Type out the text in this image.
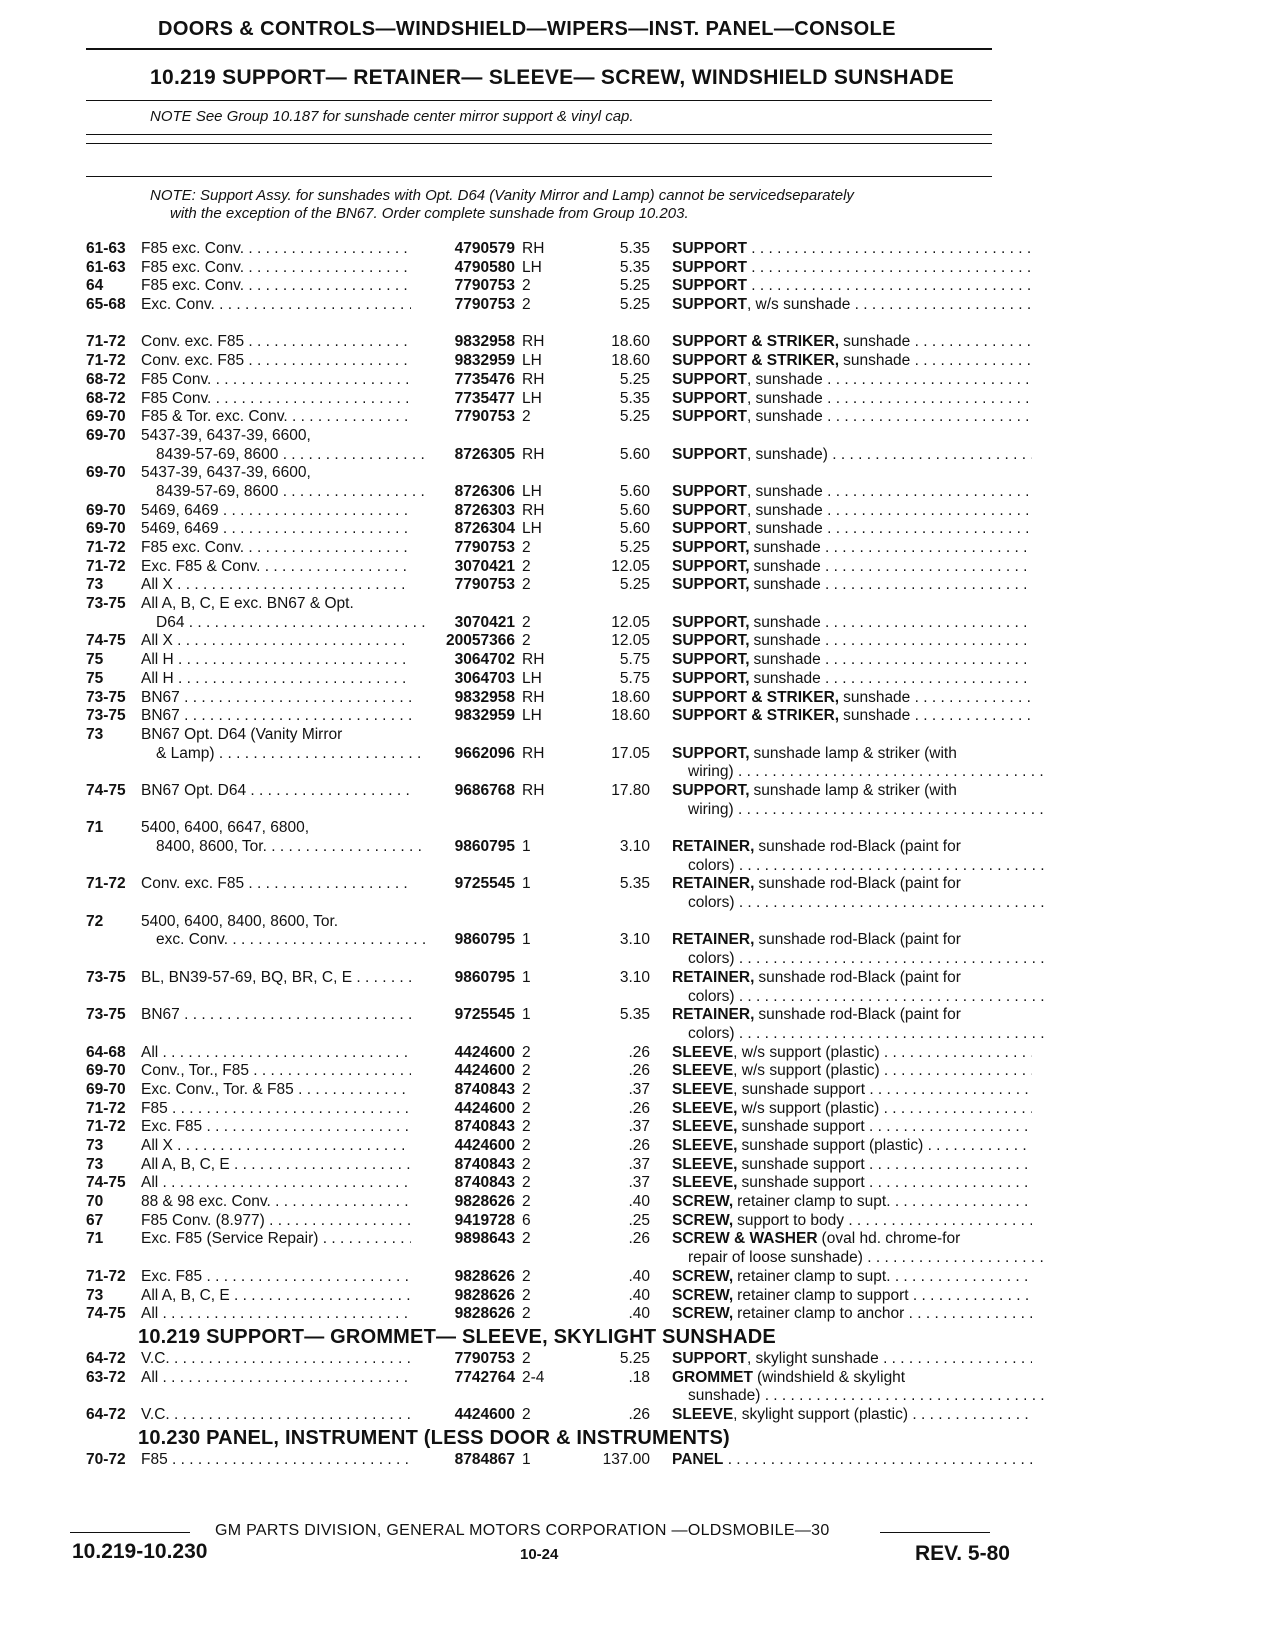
DOORS & CONTROLS—WINDSHIELD—WIPERS—INST. PANEL—CONSOLE
10.219 SUPPORT— RETAINER— SLEEVE— SCREW, WINDSHIELD SUNSHADE
NOTE See Group 10.187 for sunshade center mirror support & vinyl cap.
NOTE: Support Assy. for sunshades with Opt. D64 (Vanity Mirror and Lamp) cannot be servicedseparately
with the exception of the BN67. Order complete sunshade from Group 10.203.
61-63 F85 exc. Conv. . . .	4790579 RH	5.35 SUPPORT . . .
61-63 F85 exc. Conv. . . .	4790580 LH	5.35 SUPPORT . . .
64 F85 exc. Conv. . . .	7790753 2	5.25 SUPPORT . . .
65-68 Exc. Conv. . . .	7790753 2	5.25 SUPPORT, w/s sunshade . . .
71-72 Conv. exc. F85 . . .	9832958 RH	18.60 SUPPORT & STRIKER, sunshade . . .
71-72 Conv. exc. F85 . . .	9832959 LH	18.60 SUPPORT & STRIKER, sunshade . . .
68-72 F85 Conv. . . .	7735476 RH	5.25 SUPPORT, sunshade . . .
68-72 F85 Conv. . . .	7735477 LH	5.35 SUPPORT, sunshade . . .
69-70 F85 & Tor. exc. Conv. . . .	7790753 2	5.25 SUPPORT, sunshade . . .
69-70 5437-39, 6437-39, 6600,
8439-57-69, 8600 . . .	8726305 RH	5.60 SUPPORT, sunshade) . . .
69-70 5437-39, 6437-39, 6600,
8439-57-69, 8600 . . .	8726306 LH	5.60 SUPPORT, sunshade . . .
69-70 5469, 6469 . . .	8726303 RH	5.60 SUPPORT, sunshade . . .
69-70 5469, 6469 . . .	8726304 LH	5.60 SUPPORT, sunshade . . .
71-72 F85 exc. Conv. . . .	7790753 2	5.25 SUPPORT, sunshade . . .
71-72 Exc. F85 & Conv. . . .	3070421 2	12.05 SUPPORT, sunshade . . .
73 All X . . .	7790753 2	5.25 SUPPORT, sunshade . . .
73-75 All A, B, C, E exc. BN67 & Opt.
D64 . . .	3070421 2	12.05 SUPPORT, sunshade . . .
74-75 All X . . .	20057366 2	12.05 SUPPORT, sunshade . . .
75 All H . . .	3064702 RH	5.75 SUPPORT, sunshade . . .
75 All H . . .	3064703 LH	5.75 SUPPORT, sunshade . . .
73-75 BN67 . . .	9832958 RH	18.60 SUPPORT & STRIKER, sunshade . . .
73-75 BN67 . . .	9832959 LH	18.60 SUPPORT & STRIKER, sunshade . . .
73 BN67 Opt. D64 (Vanity Mirror
& Lamp) . . .	9662096 RH	17.05 SUPPORT, sunshade lamp & striker (with
wiring) . . .
74-75 BN67 Opt. D64 . . .	9686768 RH	17.80 SUPPORT, sunshade lamp & striker (with
wiring) . . .
71 5400, 6400, 6647, 6800,
8400, 8600, Tor. . . .	9860795 1	3.10 RETAINER, sunshade rod-Black (paint for
colors) . . .
71-72 Conv. exc. F85 . . .	9725545 1	5.35 RETAINER, sunshade rod-Black (paint for
colors) . . .
72 5400, 6400, 8400, 8600, Tor.
exc. Conv. . . .	9860795 1	3.10 RETAINER, sunshade rod-Black (paint for
colors) . . .
73-75 BL, BN39-57-69, BQ, BR, C, E . . .	9860795 1	3.10 RETAINER, sunshade rod-Black (paint for
colors) . . .
73-75 BN67 . . .	9725545 1	5.35 RETAINER, sunshade rod-Black (paint for
colors) . . .
64-68 All . . .	4424600 2	.26 SLEEVE, w/s support (plastic) . . .
69-70 Conv., Tor., F85 . . .	4424600 2	.26 SLEEVE, w/s support (plastic) . . .
69-70 Exc. Conv., Tor. & F85 . . .	8740843 2	.37 SLEEVE, sunshade support . . .
71-72 F85 . . .	4424600 2	.26 SLEEVE, w/s support (plastic) . . .
71-72 Exc. F85 . . .	8740843 2	.37 SLEEVE, sunshade support . . .
73 All X . . .	4424600 2	.26 SLEEVE, sunshade support (plastic) . . .
73 All A, B, C, E . . .	8740843 2	.37 SLEEVE, sunshade support . . .
74-75 All . . .	8740843 2	.37 SLEEVE, sunshade support . . .
70 88 & 98 exc. Conv. . . .	9828626 2	.40 SCREW, retainer clamp to supt. . . .
67 F85 Conv. (8.977) . . .	9419728 6	.25 SCREW, support to body . . .
71 Exc. F85 (Service Repair) . . .	9898643 2	.26 SCREW & WASHER (oval hd. chrome-for
repair of loose sunshade) . . .
71-72 Exc. F85 . . .	9828626 2	.40 SCREW, retainer clamp to supt. . . .
73 All A, B, C, E . . .	9828626 2	.40 SCREW, retainer clamp to support . . .
74-75 All . . .	9828626 2	.40 SCREW, retainer clamp to anchor . . .
10.219 SUPPORT— GROMMET— SLEEVE, SKYLIGHT SUNSHADE
64-72 V.C. . . .	7790753 2	5.25 SUPPORT, skylight sunshade . . .
63-72 All . . .	7742764 2-4	.18 GROMMET (windshield & skylight
sunshade) . . .
64-72 V.C. . . .	4424600 2	.26 SLEEVE, skylight support (plastic) . . .
10.230 PANEL, INSTRUMENT (LESS DOOR & INSTRUMENTS)
70-72 F85 . . .	8784867 1	137.00 PANEL . . .
GM PARTS DIVISION, GENERAL MOTORS CORPORATION —OLDSMOBILE—30
10.219-10.230	10-24	REV. 5-80
